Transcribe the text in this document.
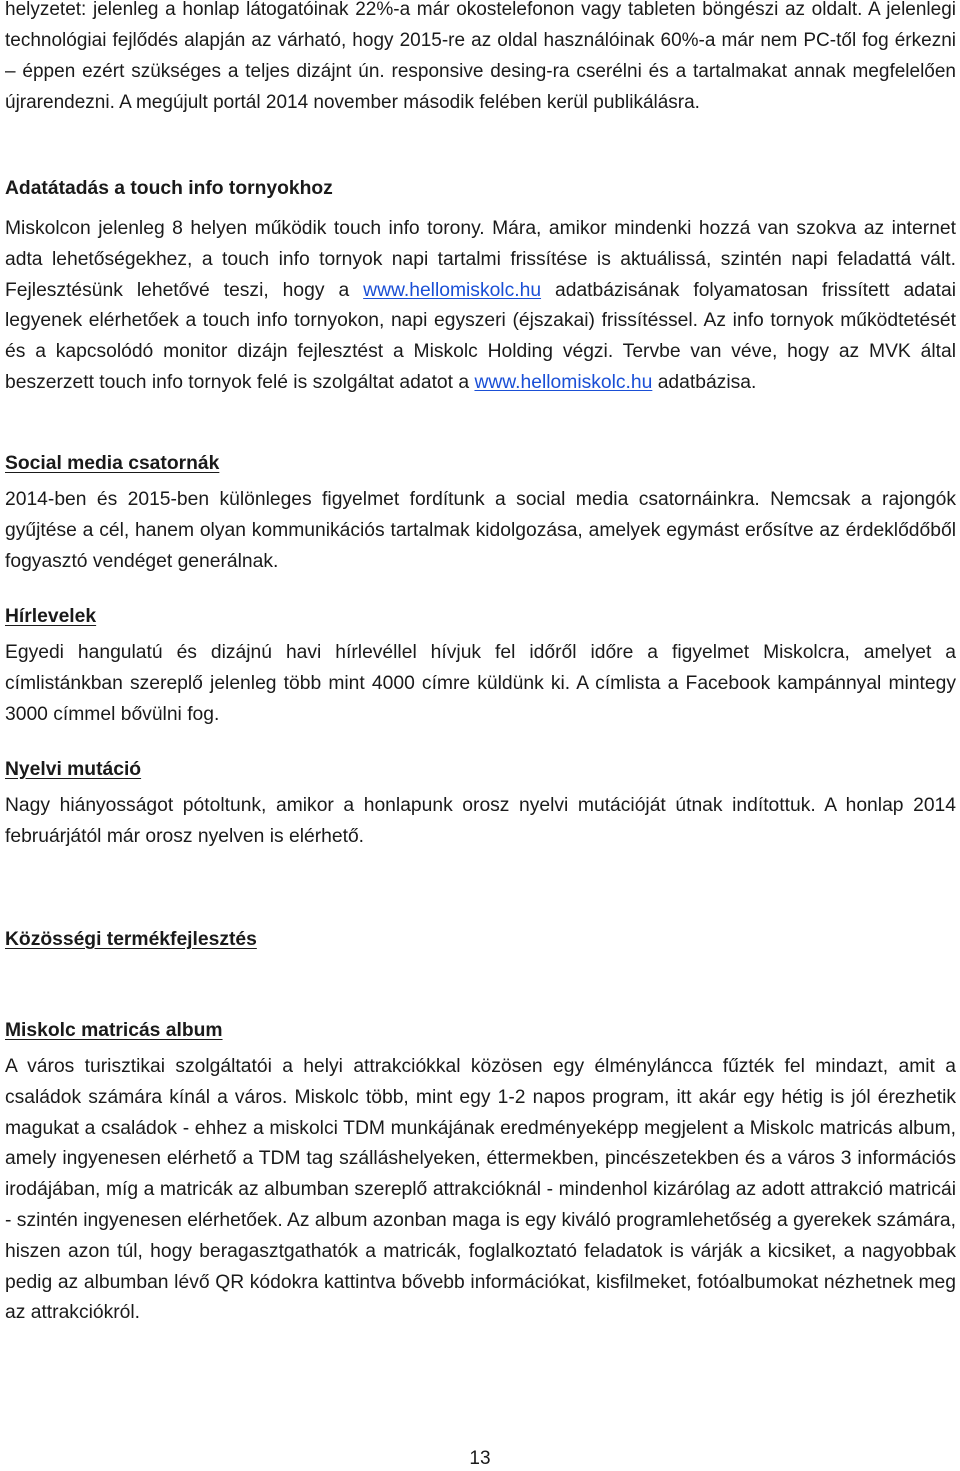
helyzetet: jelenleg a honlap látogatóinak 22%-a már okostelefonon vagy tableten böngészi az oldalt. A jelenlegi technológiai fejlődés alapján az várható, hogy 2015-re az oldal használóinak 60%-a már nem PC-től fog érkezni – éppen ezért szükséges a teljes dizájnt ún. responsive desing-ra cserélni és a tartalmakat annak megfelelően újrarendezni. A megújult portál 2014 november második felében kerül publikálásra.
Adatátadás a touch info tornyokhoz
Miskolcon jelenleg 8 helyen működik touch info torony. Mára, amikor mindenki hozzá van szokva az internet adta lehetőségekhez, a touch info tornyok napi tartalmi frissítése is aktuálissá, szintén napi feladattá vált. Fejlesztésünk lehetővé teszi, hogy a www.hellomiskolc.hu adatbázisának folyamatosan frissített adatai legyenek elérhetőek a touch info tornyokon, napi egyszeri (éjszakai) frissítéssel. Az info tornyok működtetését és a kapcsolódó monitor dizájn fejlesztést a Miskolc Holding végzi. Tervbe van véve, hogy az MVK által beszerzett touch info tornyok felé is szolgáltat adatot a www.hellomiskolc.hu adatbázisa.
Social media csatornák
2014-ben és 2015-ben különleges figyelmet fordítunk a social media csatornáinkra. Nemcsak a rajongók gyűjtése a cél, hanem olyan kommunikációs tartalmak kidolgozása, amelyek egymást erősítve az érdeklődőből fogyasztó vendéget generálnak.
Hírlevelek
Egyedi hangulatú és dizájnú havi hírlevéllel hívjuk fel időről időre a figyelmet Miskolcra, amelyet a címlistánkban szereplő jelenleg több mint 4000 címre küldünk ki. A címlista a Facebook kampánnyal mintegy 3000 címmel bővülni fog.
Nyelvi mutáció
Nagy hiányosságot pótoltunk, amikor a honlapunk orosz nyelvi mutációját útnak indítottuk. A honlap 2014 februárjától már orosz nyelven is elérhető.
Közösségi termékfejlesztés
Miskolc matricás album
A város turisztikai szolgáltatói a helyi attrakciókkal közösen egy élményláncca fűzték fel mindazt, amit a családok számára kínál a város. Miskolc több, mint egy 1-2 napos program, itt akár egy hétig is jól érezhetik magukat a családok - ehhez a miskolci TDM munkájának eredményeképp megjelent a Miskolc matricás album, amely ingyenesen elérhető a TDM tag szálláshelyeken, éttermekben, pincészetekben és a város 3 információs irodájában, míg a matricák az albumban szereplő attrakcióknál - mindenhol kizárólag az adott attrakció matricái - szintén ingyenesen elérhetőek. Az album azonban maga is egy kiváló programlehetőség a gyerekek számára, hiszen azon túl, hogy beragasztgathatók a matricák, foglalkoztató feladatok is várják a kicsiket, a nagyobbak pedig az albumban lévő QR kódokra kattintva bővebb információkat, kisfilmeket, fotóalbumokat nézhetnek meg az attrakciókról.
13
